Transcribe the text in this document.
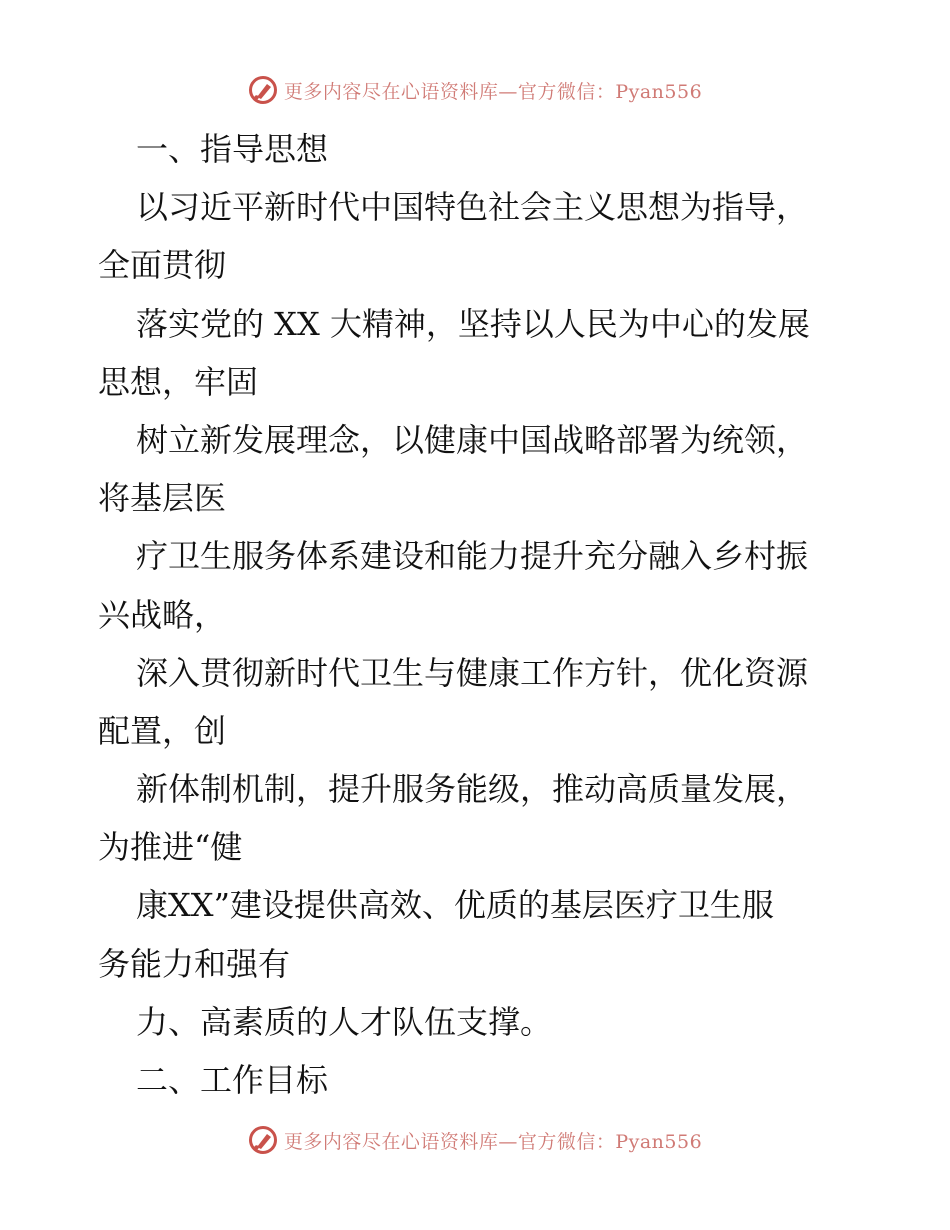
更多内容尽在心语资料库—官方微信：Pyan556
一、指导思想
以习近平新时代中国特色社会主义思想为指导，
全面贯彻
落实党的 XX 大精神，坚持以人民为中心的发展
思想，牢固
树立新发展理念，以健康中国战略部署为统领，
将基层医
疗卫生服务体系建设和能力提升充分融入乡村振
兴战略，
深入贯彻新时代卫生与健康工作方针，优化资源
配置，创
新体制机制，提升服务能级，推动高质量发展，
为推进“健
康XX”建设提供高效、优质的基层医疗卫生服
务能力和强有
力、高素质的人才队伍支撑。
二、工作目标
更多内容尽在心语资料库—官方微信：Pyan556
